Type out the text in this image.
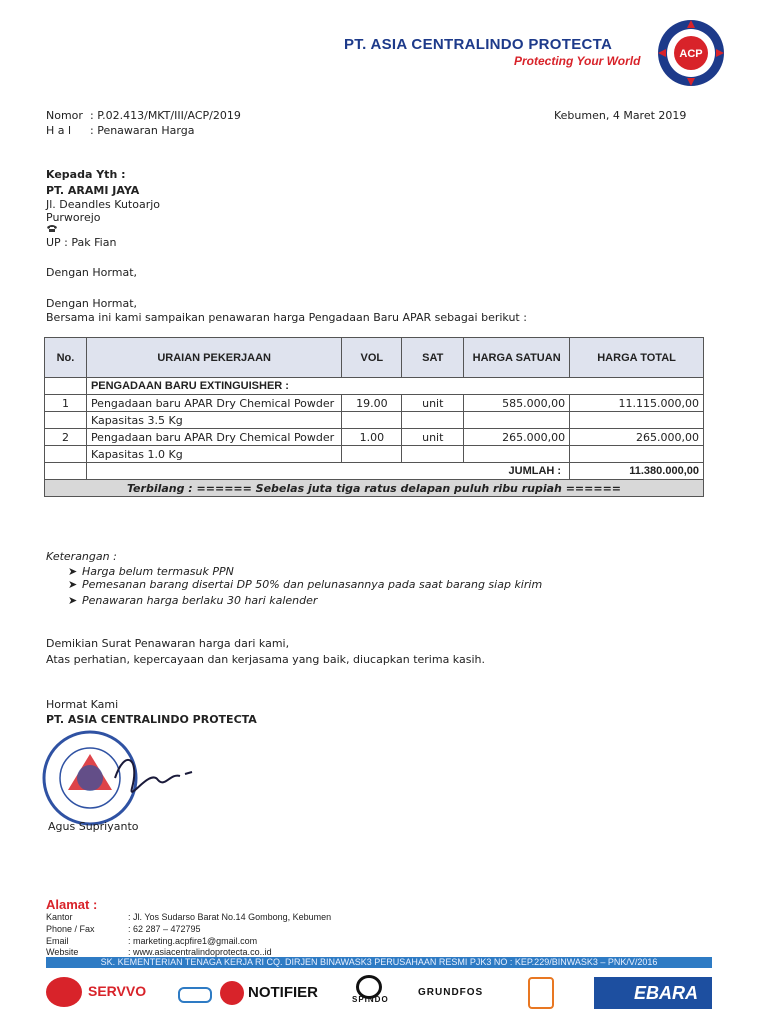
PT. ASIA CENTRALINDO PROTECTA
Protecting Your World	ACP
Nomor : P.02.413/MKT/III/ACP/2019
H a l : Penawaran Harga
Kebumen, 4 Maret 2019
Kepada Yth :
PT. ARAMI JAYA
Jl. Deandles Kutoarjo
Purworejo
UP : Pak Fian
Dengan Hormat,
Dengan Hormat,
Bersama ini kami sampaikan penawaran harga Pengadaan Baru APAR sebagai berikut :
No.	URAIAN PEKERJAAN	VOL	SAT	HARGA SATUAN	HARGA TOTAL
	PENGADAAN BARU EXTINGUISHER :				
1	Pengadaan baru APAR Dry Chemical Powder	19.00	unit	585.000,00	11.115.000,00
	Kapasitas 3.5 Kg				
2	Pengadaan baru APAR Dry Chemical Powder	1.00	unit	265.000,00	265.000,00
	Kapasitas 1.0 Kg				
	JUMLAH :				11.380.000,00
Terbilang : ====== Sebelas juta tiga ratus delapan puluh ribu rupiah ======					
Keterangan :
➤ Harga belum termasuk PPN
➤ Pemesanan barang disertai DP 50% dan pelunasannya pada saat barang siap kirim
➤ Penawaran harga berlaku 30 hari kalender
Demikian Surat Penawaran harga dari kami,
Atas perhatian, kepercayaan dan kerjasama yang baik, diucapkan terima kasih.
Hormat Kami
PT. ASIA CENTRALINDO PROTECTA
Agus Supriyanto
Alamat :
Kantor	: Jl. Yos Sudarso Barat No.14 Gombong, Kebumen
Phone / Fax	: 62 287 – 472795
Email	: marketing.acpfire1@gmail.com
Website	: www.asiacentralindoprotecta.co..id
SK. KEMENTERIAN TENAGA KERJA RI CQ. DIRJEN BINAWASK3 PERUSAHAAN RESMI PJK3 NO : KEP.229/BINWASK3 – PNK/V/2016
SERVVO	NOTIFIER	SPINDO
GRUNDFOS	EBARA
